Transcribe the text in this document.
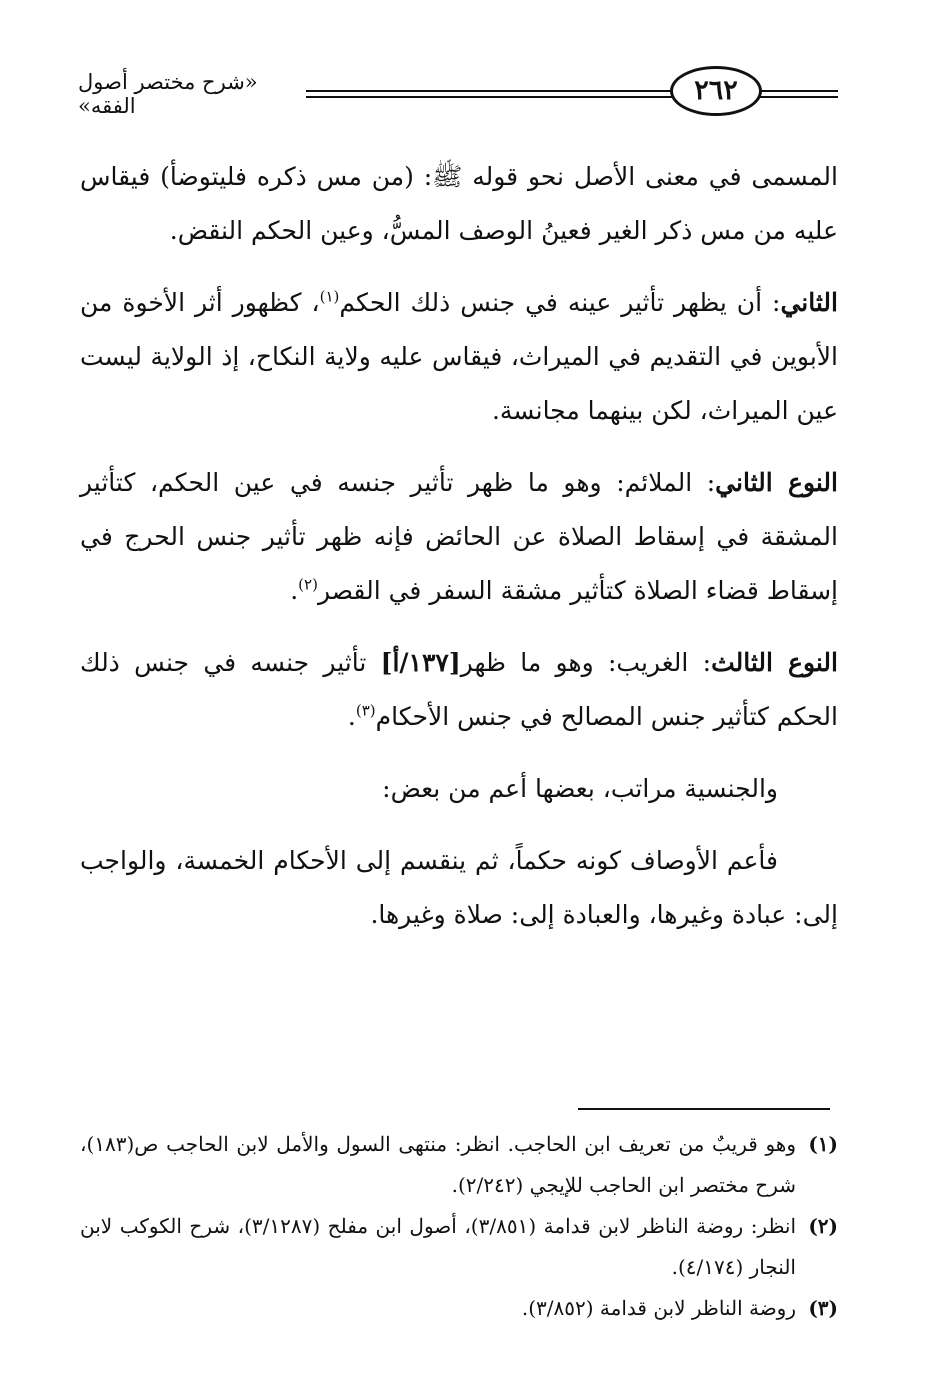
«شرح مختصر أصول الفقه»	٢٦٢

المسمى في معنى الأصل نحو قوله ﷺ: (من مس ذكره فليتوضأ) فيقاس عليه من مس ذكر الغير فعينُ الوصف المسُّ، وعين الحكم النقض.

الثاني: أن يظهر تأثير عينه في جنس ذلك الحكم$^{(١)}$، كظهور أثر الأخوة من الأبوين في التقديم في الميراث، فيقاس عليه ولاية النكاح، إذ الولاية ليست عين الميراث، لكن بينهما مجانسة.

النوع الثاني: الملائم: وهو ما ظهر تأثير جنسه في عين الحكم، كتأثير المشقة في إسقاط الصلاة عن الحائض فإنه ظهر تأثير جنس الحرج في إسقاط قضاء الصلاة كتأثير مشقة السفر في القصر$^{(٢)}$.

النوع الثالث: الغريب: وهو ما ظهر[١٣٧/أ] تأثير جنسه في جنس ذلك الحكم كتأثير جنس المصالح في جنس الأحكام$^{(٣)}$.

والجنسية مراتب، بعضها أعم من بعض:

فأعم الأوصاف كونه حكماً، ثم ينقسم إلى الأحكام الخمسة، والواجب إلى: عبادة وغيرها، والعبادة إلى: صلاة وغيرها.

(١)
وهو قريبٌ من تعريف ابن الحاجب. انظر: منتهى السول والأمل لابن الحاجب ص(١٨٣)، شرح مختصر ابن الحاجب للإيجي (٢/٢٤٢).

(٢)
انظر: روضة الناظر لابن قدامة (٣/٨٥١)، أصول ابن مفلح (٣/١٢٨٧)، شرح الكوكب لابن النجار (٤/١٧٤).

(٣)
روضة الناظر لابن قدامة (٣/٨٥٢).
